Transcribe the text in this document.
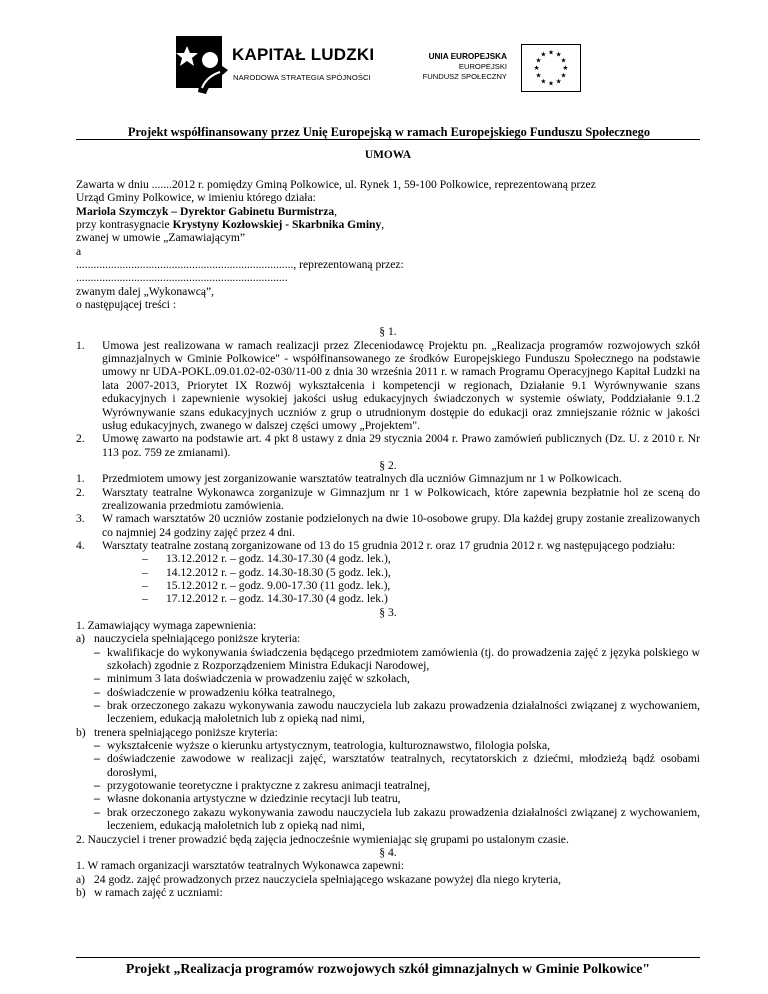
KAPITAŁ LUDZKI
NARODOWA STRATEGIA SPÓJNOŚCI
UNIA EUROPEJSKA
EUROPEJSKI
FUNDUSZ SPOŁECZNY
★ ★
★
★
★
★
★
★
★
★
★
★
Projekt współfinansowany przez Unię Europejską w ramach Europejskiego Funduszu Społecznego
UMOWA
Zawarta w dniu .......2012 r. pomiędzy Gminą Polkowice, ul. Rynek 1, 59-100 Polkowice, reprezentowaną przez
Urząd Gminy Polkowice, w imieniu którego działa:
Mariola Szymczyk – Dyrektor Gabinetu Burmistrza,
przy kontrasygnacie Krystyny Kozłowskiej - Skarbnika Gminy,
zwanej w umowie „Zamawiającym”
a
..........................................................................., reprezentowaną przez:
.........................................................................
zwanym dalej „Wykonawcą”,
o następującej treści :
§ 1.
1. Umowa jest realizowana w ramach realizacji przez Zleceniodawcę Projektu pn. „Realizacja programów rozwojowych szkół gimnazjalnych w Gminie Polkowice" - współfinansowanego ze środków Europejskiego Funduszu Społecznego na podstawie umowy nr UDA-POKL.09.01.02-02-030/11-00 z dnia 30 września 2011 r. w ramach Programu Operacyjnego Kapitał Ludzki na lata 2007-2013, Priorytet IX Rozwój wykształcenia i kompetencji w regionach, Działanie 9.1 Wyrównywanie szans edukacyjnych i zapewnienie wysokiej jakości usług edukacyjnych świadczonych w systemie oświaty, Poddziałanie 9.1.2 Wyrównywanie szans edukacyjnych uczniów z grup o utrudnionym dostępie do edukacji oraz zmniejszanie różnic w jakości usług edukacyjnych, zwanego w dalszej części umowy „Projektem".
2. Umowę zawarto na podstawie art. 4 pkt 8 ustawy z dnia 29 stycznia 2004 r. Prawo zamówień publicznych (Dz. U. z 2010 r. Nr 113 poz. 759 ze zmianami).
§ 2.
1. Przedmiotem umowy jest zorganizowanie warsztatów teatralnych dla uczniów Gimnazjum nr 1 w Polkowicach.
2. Warsztaty teatralne Wykonawca zorganizuje w Gimnazjum nr 1 w Polkowicach, które zapewnia bezpłatnie hol ze sceną do zrealizowania przedmiotu zamówienia.
3. W ramach warsztatów 20 uczniów zostanie podzielonych na dwie 10-osobowe grupy. Dla każdej grupy zostanie zrealizowanych co najmniej 24 godziny zajęć przez 4 dni.
4. Warsztaty teatralne zostaną zorganizowane od 13 do 15 grudnia 2012 r. oraz 17 grudnia 2012 r. wg następującego podziału:
– 13.12.2012 r. – godz. 14.30-17.30 (4 godz. lek.),
– 14.12.2012 r. – godz. 14.30-18.30 (5 godz. lek.),
– 15.12.2012 r. – godz. 9.00-17.30 (11 godz. lek.),
– 17.12.2012 r. – godz. 14.30-17.30 (4 godz. lek.)
§ 3.
1. Zamawiający wymaga zapewnienia:
a) nauczyciela spełniającego poniższe kryteria:
– kwalifikacje do wykonywania świadczenia będącego przedmiotem zamówienia (tj. do prowadzenia zajęć z języka polskiego w szkołach) zgodnie z Rozporządzeniem Ministra Edukacji Narodowej,
– minimum 3 lata doświadczenia w prowadzeniu zajęć w szkołach,
– doświadczenie w prowadzeniu kółka teatralnego,
– brak orzeczonego zakazu wykonywania zawodu nauczyciela lub zakazu prowadzenia działalności związanej z wychowaniem, leczeniem, edukacją małoletnich lub z opieką nad nimi,
b) trenera spełniającego poniższe kryteria:
– wykształcenie wyższe o kierunku artystycznym, teatrologia, kulturoznawstwo, filologia polska,
– doświadczenie zawodowe w realizacji zajęć, warsztatów teatralnych, recytatorskich z dziećmi, młodzieżą bądź osobami dorosłymi,
– przygotowanie teoretyczne i praktyczne z zakresu animacji teatralnej,
– własne dokonania artystyczne w dziedzinie recytacji lub teatru,
– brak orzeczonego zakazu wykonywania zawodu nauczyciela lub zakazu prowadzenia działalności związanej z wychowaniem, leczeniem, edukacją małoletnich lub z opieką nad nimi,
2. Nauczyciel i trener prowadzić będą zajęcia jednocześnie wymieniając się grupami po ustalonym czasie.
§ 4.
1. W ramach organizacji warsztatów teatralnych Wykonawca zapewni:
a) 24 godz. zajęć prowadzonych przez nauczyciela spełniającego wskazane powyżej dla niego kryteria,
b) w ramach zajęć z uczniami:
Projekt „Realizacja programów rozwojowych szkół gimnazjalnych w Gminie Polkowice"
